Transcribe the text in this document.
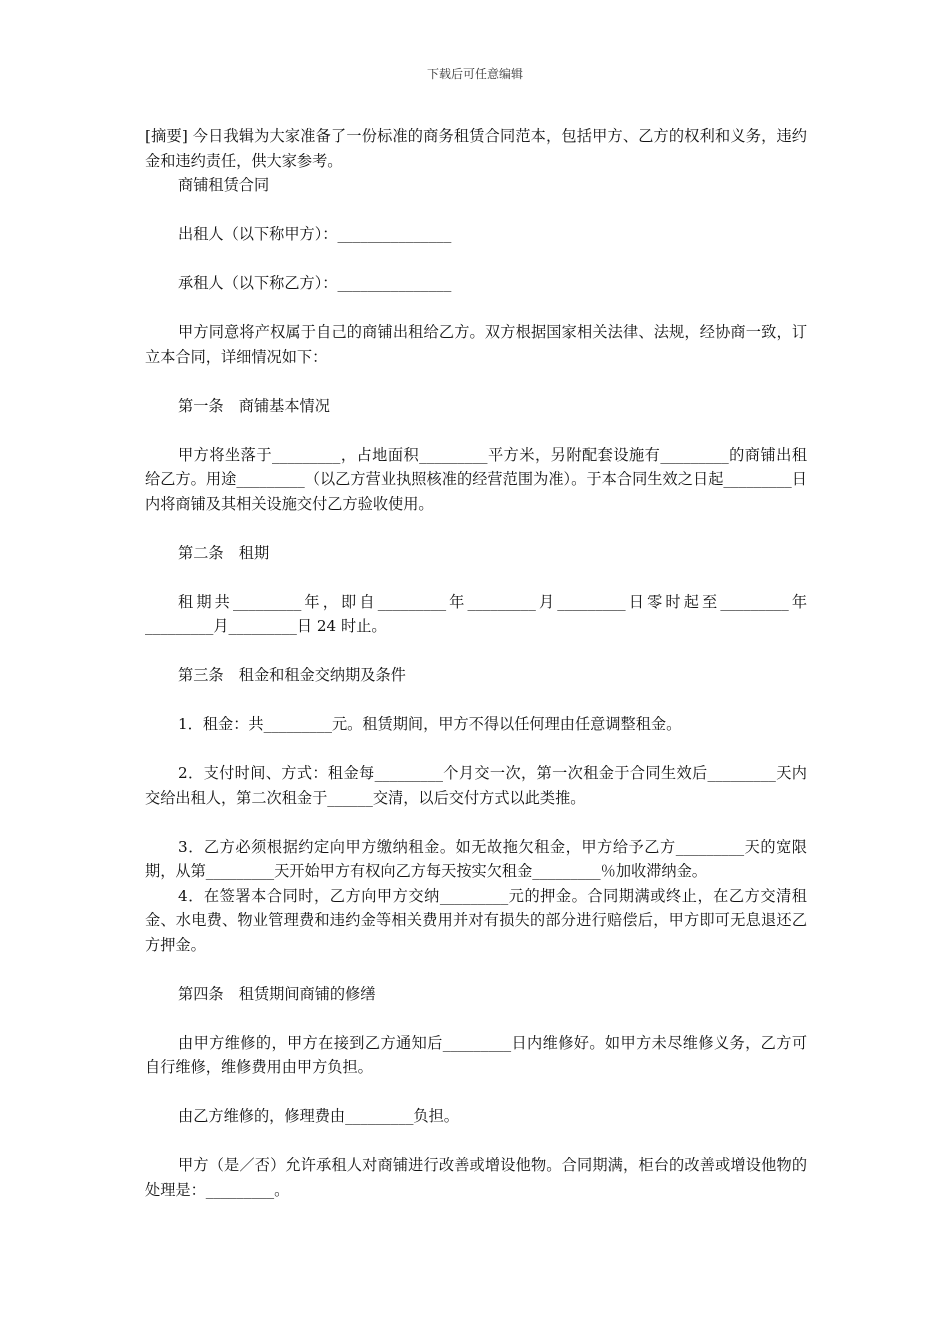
下载后可任意编辑

[摘要] 今日我辑为大家准备了一份标准的商务租赁合同范本，包括甲方、乙方的权利和义务，违约金和违约责任，供大家参考。

商铺租赁合同

出租人（以下称甲方）：_______________

承租人（以下称乙方）：_______________

甲方同意将产权属于自己的商铺出租给乙方。双方根据国家相关法律、法规，经协商一致，订立本合同，详细情况如下：

第一条　商铺基本情况

甲方将坐落于_________，占地面积_________平方米，另附配套设施有_________的商铺出租给乙方。用途_________（以乙方营业执照核准的经营范围为准）。于本合同生效之日起_________日内将商铺及其相关设施交付乙方验收使用。

第二条　租期

租期共_________年，即自_________年_________月_________日零时起至_________年_________月_________日 24 时止。

第三条　租金和租金交纳期及条件

1．租金：共_________元。租赁期间，甲方不得以任何理由任意调整租金。

2．支付时间、方式：租金每_________个月交一次，第一次租金于合同生效后_________天内交给出租人，第二次租金于______交清，以后交付方式以此类推。

3．乙方必须根据约定向甲方缴纳租金。如无故拖欠租金，甲方给予乙方_________天的宽限期，从第_________天开始甲方有权向乙方每天按实欠租金_________％加收滞纳金。

4．在签署本合同时，乙方向甲方交纳_________元的押金。合同期满或终止，在乙方交清租金、水电费、物业管理费和违约金等相关费用并对有损失的部分进行赔偿后，甲方即可无息退还乙方押金。

第四条　租赁期间商铺的修缮

由甲方维修的，甲方在接到乙方通知后_________日内维修好。如甲方未尽维修义务，乙方可自行维修，维修费用由甲方负担。

由乙方维修的，修理费由_________负担。

甲方（是／否）允许承租人对商铺进行改善或增设他物。合同期满，柜台的改善或增设他物的处理是：_________。
